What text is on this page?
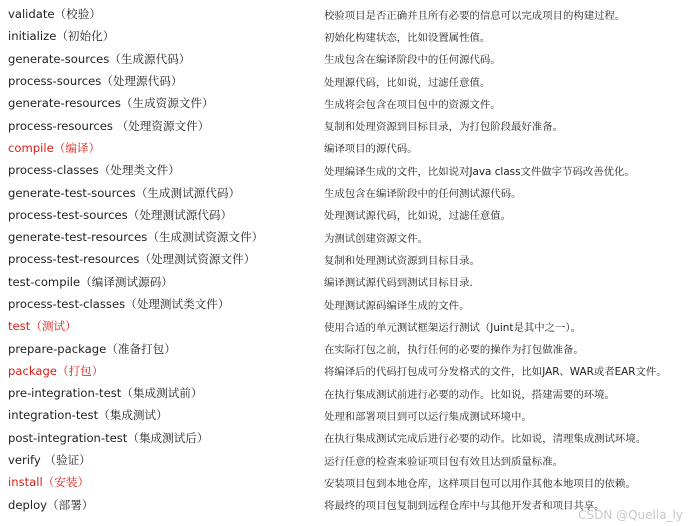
validate（校验）	校验项目是否正确并且所有必要的信息可以完成项目的构建过程。
initialize（初始化）	初始化构建状态，比如设置属性值。
generate-sources（生成源代码）	生成包含在编译阶段中的任何源代码。
process-sources（处理源代码）	处理源代码，比如说，过滤任意值。
generate-resources（生成资源文件）	生成将会包含在项目包中的资源文件。
process-resources （处理资源文件）	复制和处理资源到目标目录，为打包阶段最好准备。
compile（编译）	编译项目的源代码。
process-classes（处理类文件）	处理编译生成的文件，比如说对Java class文件做字节码改善优化。
generate-test-sources（生成测试源代码）	生成包含在编译阶段中的任何测试源代码。
process-test-sources（处理测试源代码）	处理测试源代码，比如说，过滤任意值。
generate-test-resources（生成测试资源文件）	为测试创建资源文件。
process-test-resources（处理测试资源文件）	复制和处理测试资源到目标目录。
test-compile（编译测试源码）	编译测试源代码到测试目标目录.
process-test-classes（处理测试类文件）	处理测试源码编译生成的文件。
test（测试）	使用合适的单元测试框架运行测试（Juint是其中之一）。
prepare-package（准备打包）	在实际打包之前，执行任何的必要的操作为打包做准备。
package（打包）	将编译后的代码打包成可分发格式的文件，比如JAR、WAR或者EAR文件。
pre-integration-test（集成测试前）	在执行集成测试前进行必要的动作。比如说，搭建需要的环境。
integration-test（集成测试）	处理和部署项目到可以运行集成测试环境中。
post-integration-test（集成测试后）	在执行集成测试完成后进行必要的动作。比如说，清理集成测试环境。
verify （验证）	运行任意的检查来验证项目包有效且达到质量标准。
install（安装）	安装项目包到本地仓库，这样项目包可以用作其他本地项目的依赖。
deploy（部署）	将最终的项目包复制到远程仓库中与其他开发者和项目共享。
CSDN @Quella_ly
